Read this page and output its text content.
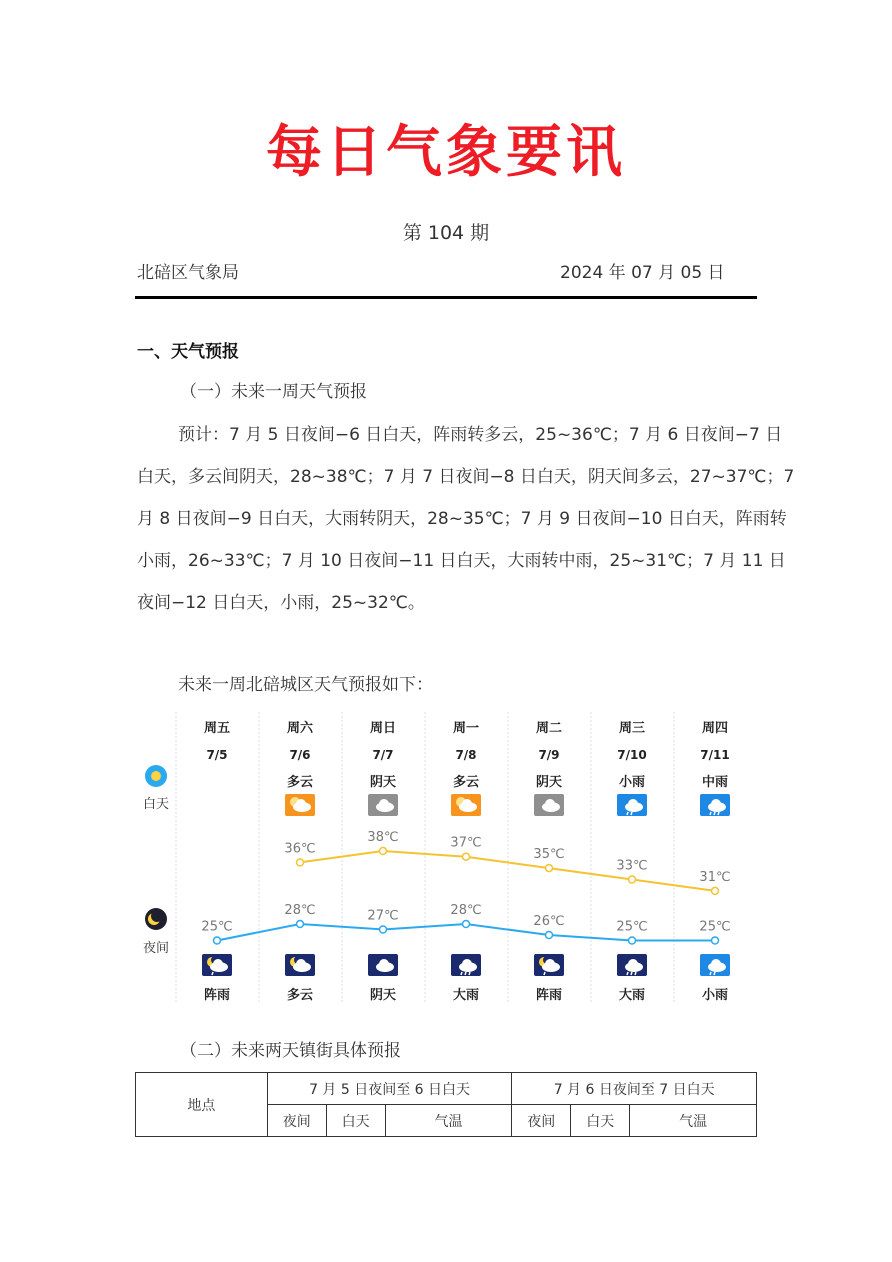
每日气象要讯
第 104 期
北碚区气象局	2024 年 07 月 05 日
一、天气预报
（一）未来一周天气预报

预计：7 月 5 日夜间−6 日白天，阵雨转多云，25~36℃；7 月 6 日夜间−7 日白天，多云间阴天，28~38℃；7 月 7 日夜间−8 日白天，阴天间多云，27~37℃；7 月 8 日夜间−9 日白天，大雨转阴天，28~35℃；7 月 9 日夜间−10 日白天，阵雨转小雨，26~33℃；7 月 10 日夜间−11 日白天，大雨转中雨，25~31℃；7 月 11 日夜间−12 日白天，小雨，25~32℃。

未来一周北碚城区天气预报如下：
白天
夜间
周五
7/5
25℃
阵雨
周六
7/6
多云
36℃
28℃
多云
周日
7/7
阴天
38℃
27℃
阴天
周一
7/8
多云
37℃
28℃
大雨
周二
7/9
阴天
35℃
26℃
阵雨
周三
7/10
小雨
33℃
25℃
大雨
周四
7/11
中雨
31℃
25℃
小雨
（二）未来两天镇街具体预报
地点	7 月 5 日夜间至 6 日白天			7 月 6 日夜间至 7 日白天		
	夜间	白天	气温	夜间	白天	气温
